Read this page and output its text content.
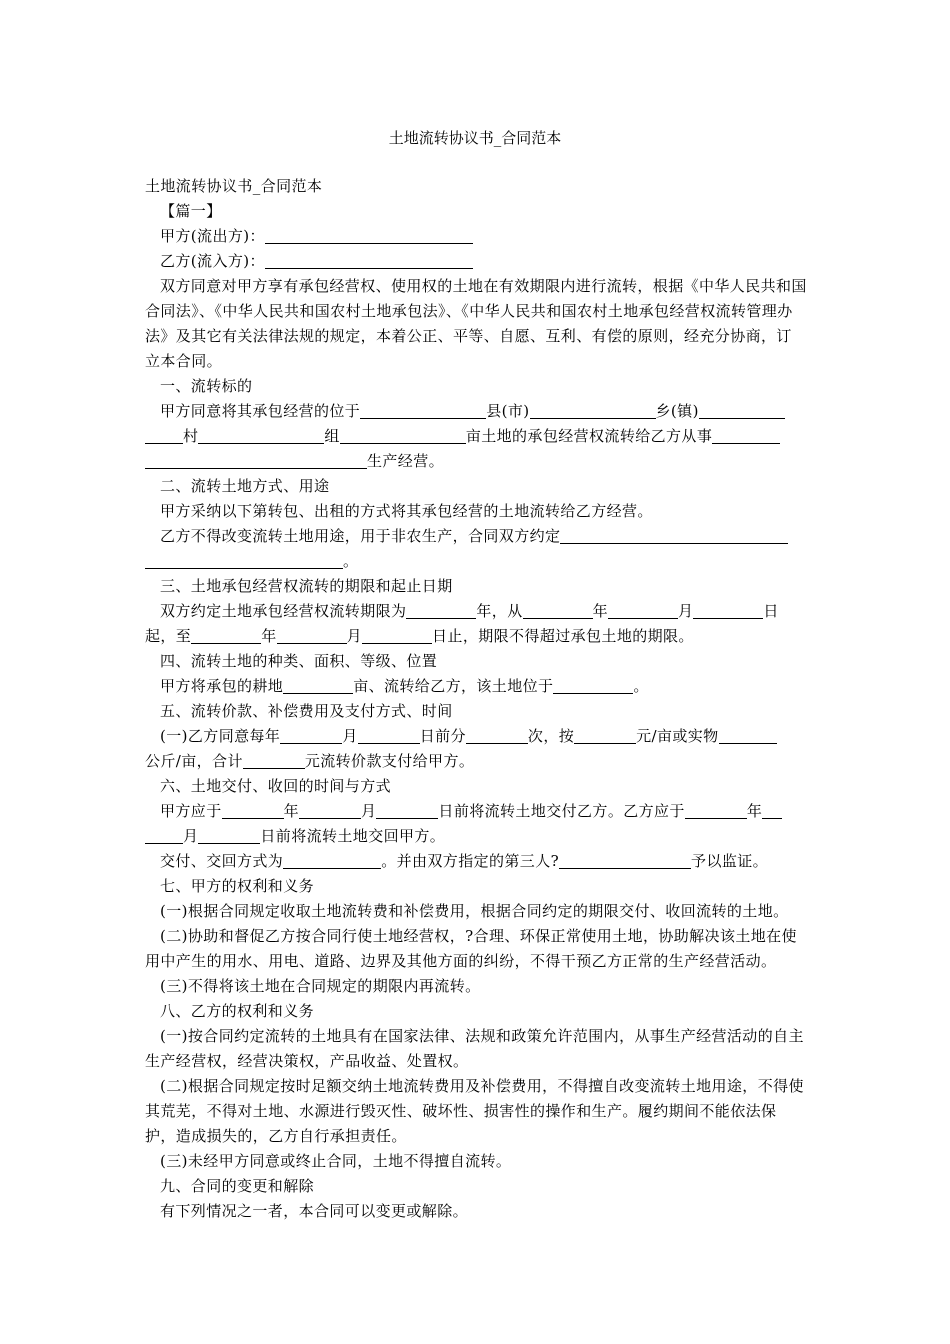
土地流转协议书_合同范本

土地流转协议书_合同范本

【篇一】

甲方(流出方)：

乙方(流入方)：

双方同意对甲方享有承包经营权、使用权的土地在有效期限内进行流转，根据《中华人民共和国合同法》、《中华人民共和国农村土地承包法》、《中华人民共和国农村土地承包经营权流转管理办法》及其它有关法律法规的规定，本着公正、平等、自愿、互利、有偿的原则，经充分协商，订立本合同。

一、流转标的

甲方同意将其承包经营的位于	县(市)	乡(镇)
村	组	亩土地的承包经营权流转给乙方从事
生产经营。

二、流转土地方式、用途

甲方采纳以下第转包、出租的方式将其承包经营的土地流转给乙方经营。

乙方不得改变流转土地用途，用于非农生产，合同双方约定
。

三、土地承包经营权流转的期限和起止日期

双方约定土地承包经营权流转期限为	年，从	年	月	日
起，至	年	月	日止，期限不得超过承包土地的期限。

四、流转土地的种类、面积、等级、位置

甲方将承包的耕地	亩、流转给乙方，该土地位于	。

五、流转价款、补偿费用及支付方式、时间

(一)乙方同意每年	月	日前分	次，按	元/亩或实物
公斤/亩，合计	元流转价款支付给甲方。

六、土地交付、收回的时间与方式

甲方应于	年	月	日前将流转土地交付乙方。乙方应于	年
月	日前将流转土地交回甲方。

交付、交回方式为	。并由双方指定的第三人?	予以监证。

七、甲方的权利和义务

(一)根据合同规定收取土地流转费和补偿费用，根据合同约定的期限交付、收回流转的土地。

(二)协助和督促乙方按合同行使土地经营权，?合理、环保正常使用土地，协助解决该土地在使用中产生的用水、用电、道路、边界及其他方面的纠纷，不得干预乙方正常的生产经营活动。

(三)不得将该土地在合同规定的期限内再流转。

八、乙方的权利和义务

(一)按合同约定流转的土地具有在国家法律、法规和政策允许范围内，从事生产经营活动的自主生产经营权，经营决策权，产品收益、处置权。

(二)根据合同规定按时足额交纳土地流转费用及补偿费用，不得擅自改变流转土地用途，不得使其荒芜，不得对土地、水源进行毁灭性、破坏性、损害性的操作和生产。履约期间不能依法保护，造成损失的，乙方自行承担责任。

(三)未经甲方同意或终止合同，土地不得擅自流转。

九、合同的变更和解除

有下列情况之一者，本合同可以变更或解除。
